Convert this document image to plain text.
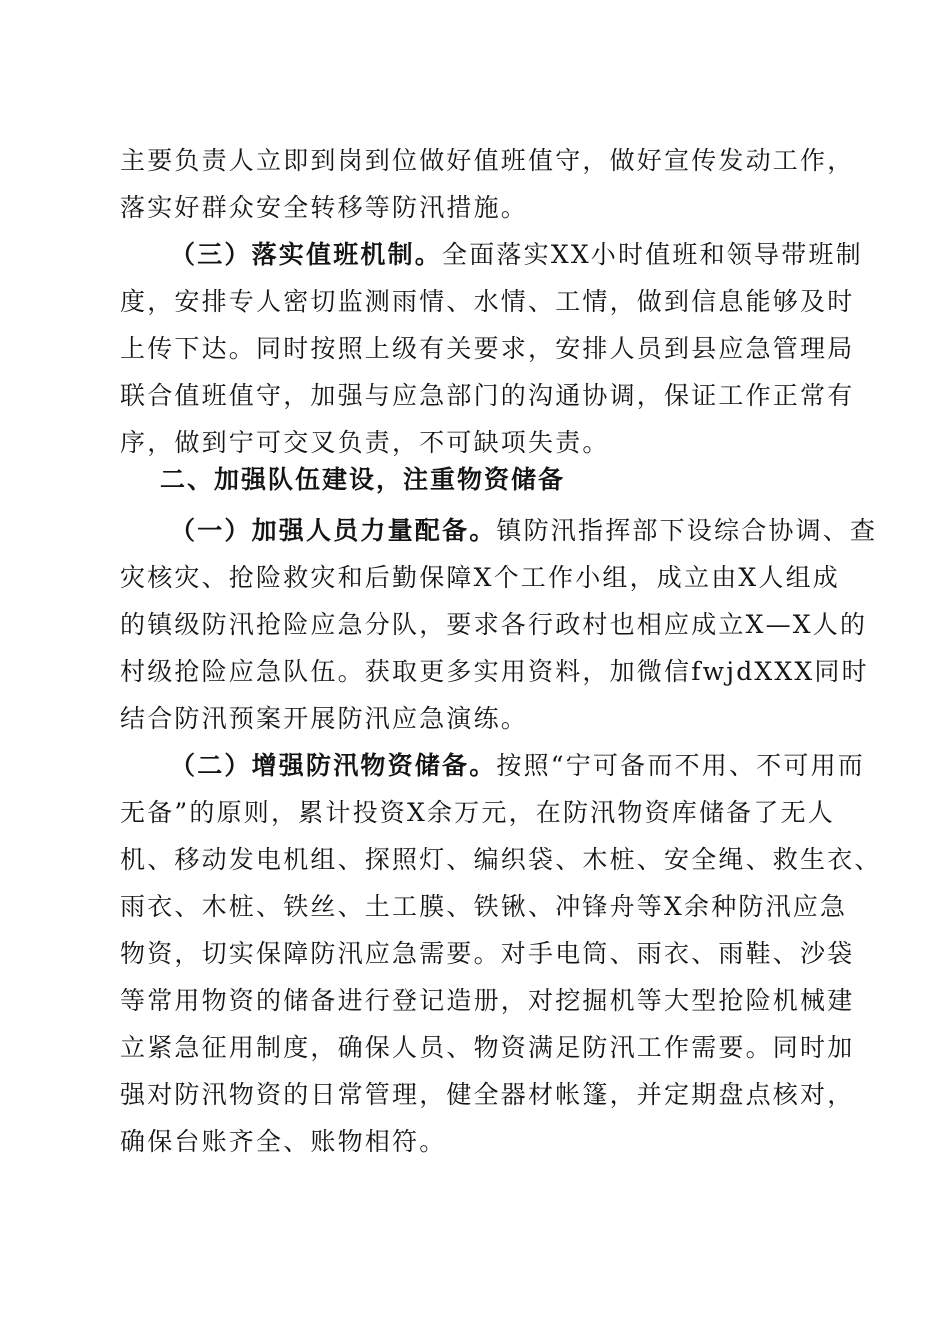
主要负责人立即到岗到位做好值班值守，做好宣传发动工作，
落实好群众安全转移等防汛措施。
（三）落实值班机制。全面落实XX小时值班和领导带班制
度，安排专人密切监测雨情、水情、工情，做到信息能够及时
上传下达。同时按照上级有关要求，安排人员到县应急管理局
联合值班值守，加强与应急部门的沟通协调，保证工作正常有
序，做到宁可交叉负责，不可缺项失责。
二、加强队伍建设，注重物资储备
（一）加强人员力量配备。镇防汛指挥部下设综合协调、查
灾核灾、抢险救灾和后勤保障X个工作小组，成立由X人组成
的镇级防汛抢险应急分队，要求各行政村也相应成立X—X人的
村级抢险应急队伍。获取更多实用资料，加微信fwjdXXX同时
结合防汛预案开展防汛应急演练。
（二）增强防汛物资储备。按照“宁可备而不用、不可用而
无备”的原则，累计投资X余万元，在防汛物资库储备了无人
机、移动发电机组、探照灯、编织袋、木桩、安全绳、救生衣、
雨衣、木桩、铁丝、土工膜、铁锹、冲锋舟等X余种防汛应急
物资，切实保障防汛应急需要。对手电筒、雨衣、雨鞋、沙袋
等常用物资的储备进行登记造册，对挖掘机等大型抢险机械建
立紧急征用制度，确保人员、物资满足防汛工作需要。同时加
强对防汛物资的日常管理，健全器材帐篷，并定期盘点核对，
确保台账齐全、账物相符。
